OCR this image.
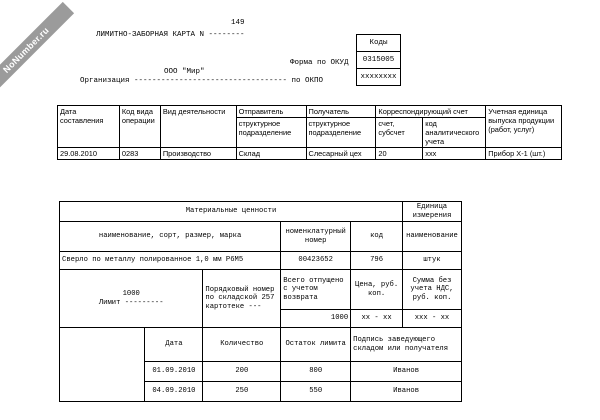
NoNumber.ru
149
ЛИМИТНО-ЗАБОРНАЯ КАРТА N --------
Форма по ОКУД
ООО "Мир"
Организация ---------------------------------- по ОКПО
Коды
0315005
xxxxxxxx
Дата составления	Код вида операции	Вид деятельности	Отправитель	Получатель	Корреспондирующий счет		Учетная единица выпуска продукции (работ, услуг)
			структурное подразделение	структурное подразделение	счет, субсчет	код аналитического учета	
29.08.2010	0283	Производство	Склад	Слесарный цех	20	xxx	Прибор Х-1 (шт.)
Материальные ценности					Единица измерения
наименование, сорт, размер, марка			номенклатурный номер	код	наименование
Сверло по металлу полированное 1,0 мм Р6М5			00423652	796	штук

1000
Лимит ---------		Порядковый номер по складской 257 картотеке ---	Всего отпущено с учетом возврата	Цена, руб. коп.	Сумма без учета НДС, руб. коп.
			1000	xx - xx	xxx - xx
	Дата	Количество	Остаток лимита	Подпись заведующего складом или получателя	
	01.09.2010	200	800	Иванов	
	04.09.2010	250	550	Иванов	
